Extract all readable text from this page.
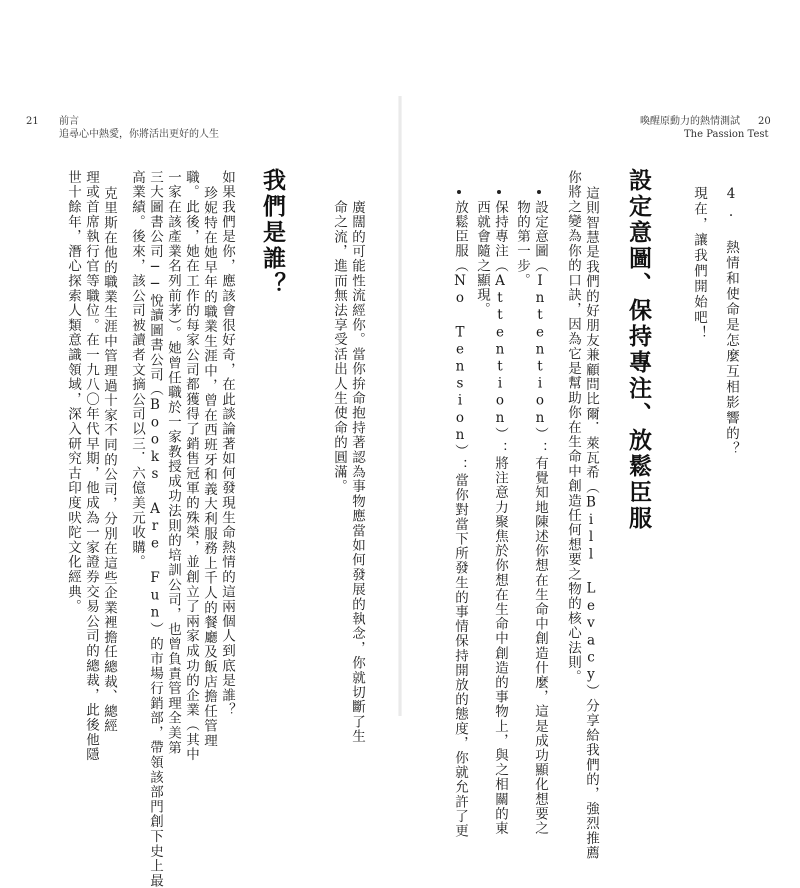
21 前言
追尋心中熱愛，你將活出更好的人生
喚醒原動力的熱情測試
The Passion Test
20
4. 熱情和使命是怎麼互相影響的？
現在，讓我們開始吧！
設定意圖、保持專注、放鬆臣服
這則智慧是我們的好朋友兼顧問比爾．萊瓦希（Bill Levacy）分享給我們的，強烈推薦
你將之變為你的口訣，因為它是幫助你在生命中創造任何想要之物的核心法則。
設定意圖（Intention）：有覺知地陳述你想在生命中創造什麼，這是成功顯化想要之
物的第一步。
保持專注（Attention）：將注意力聚焦於你想在生命中創造的事物上，與之相關的東
西就會隨之顯現。
放鬆臣服（No Tension）：當你對當下所發生的事情保持開放的態度，你就允許了更
廣闊的可能性流經你。當你拚命抱持著認為事物應當如何發展的執念，你就切斷了生
命之流，進而無法享受活出人生使命的圓滿。
我們是誰？
如果我們是你，應該會很好奇，在此談論著如何發現生命熱情的這兩個人到底是誰？
珍妮特在她早年的職業生涯中，曾在西班牙和義大利服務上千人的餐廳及飯店擔任管理
職。此後，她在工作的每家公司都獲得了銷售冠軍的殊榮，並創立了兩家成功的企業（其中
一家在該產業名列前茅）。她曾任職於一家教授成功法則的培訓公司，也曾負責管理全美第
三大圖書公司──悅讀圖書公司（Books Are Fun）的市場行銷部，帶領該部門創下史上最
高業績。後來，該公司被讀者文摘公司以三．六億美元收購。
克里斯在他的職業生涯中管理過十家不同的公司，分別在這些企業裡擔任總裁、總經
理或首席執行官等職位。在一九八〇年代早期，他成為一家證券交易公司的總裁，此後他隱
世十餘年，潛心探索人類意識領域，深入研究古印度吠陀文化經典。
